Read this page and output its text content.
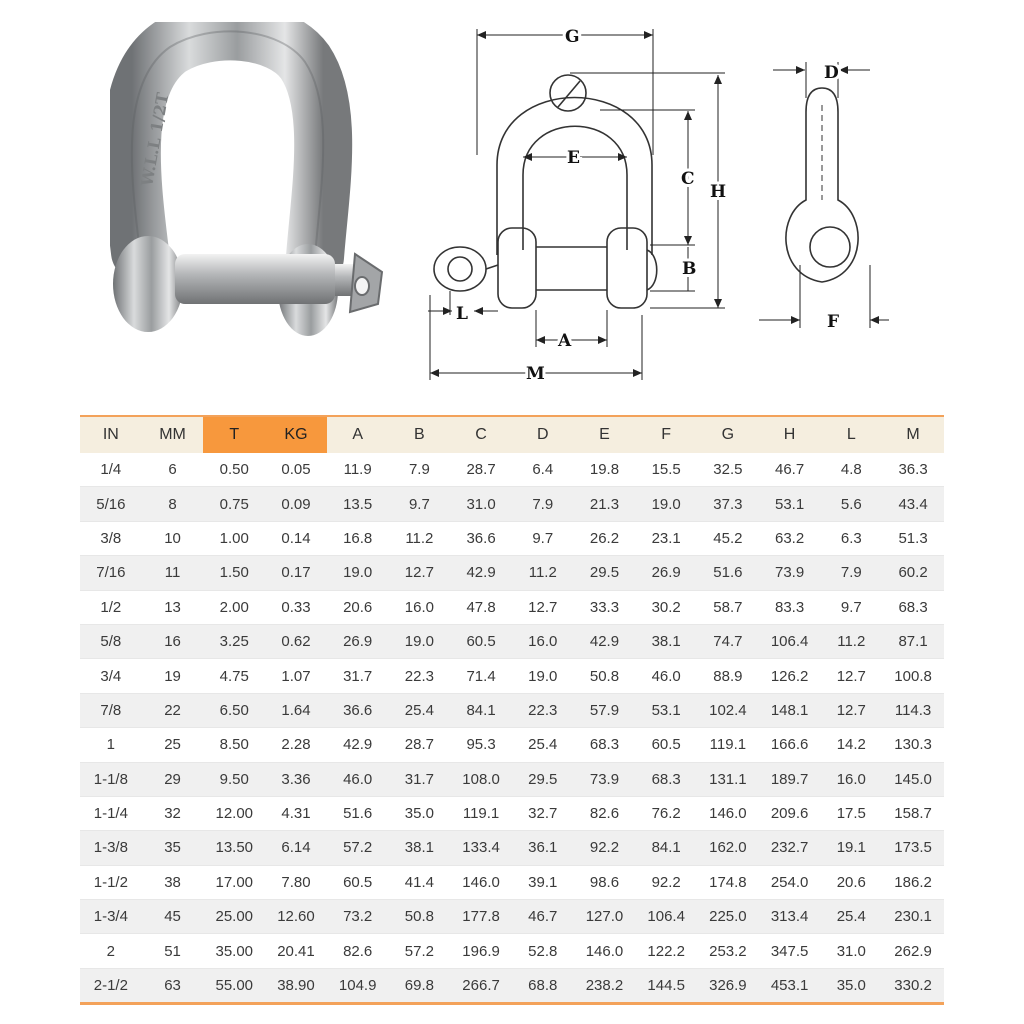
W.L.L 1/2T
G
E
C
H
B
L
A
M
D
F
IN	MM	T	KG	A	B	C	D	E	F	G	H	L	M
1/4	6	0.50	0.05	11.9	7.9	28.7	6.4	19.8	15.5	32.5	46.7	4.8	36.3
5/16	8	0.75	0.09	13.5	9.7	31.0	7.9	21.3	19.0	37.3	53.1	5.6	43.4
3/8	10	1.00	0.14	16.8	11.2	36.6	9.7	26.2	23.1	45.2	63.2	6.3	51.3
7/16	11	1.50	0.17	19.0	12.7	42.9	11.2	29.5	26.9	51.6	73.9	7.9	60.2
1/2	13	2.00	0.33	20.6	16.0	47.8	12.7	33.3	30.2	58.7	83.3	9.7	68.3
5/8	16	3.25	0.62	26.9	19.0	60.5	16.0	42.9	38.1	74.7	106.4	11.2	87.1
3/4	19	4.75	1.07	31.7	22.3	71.4	19.0	50.8	46.0	88.9	126.2	12.7	100.8
7/8	22	6.50	1.64	36.6	25.4	84.1	22.3	57.9	53.1	102.4	148.1	12.7	114.3
1	25	8.50	2.28	42.9	28.7	95.3	25.4	68.3	60.5	119.1	166.6	14.2	130.3
1-1/8	29	9.50	3.36	46.0	31.7	108.0	29.5	73.9	68.3	131.1	189.7	16.0	145.0
1-1/4	32	12.00	4.31	51.6	35.0	119.1	32.7	82.6	76.2	146.0	209.6	17.5	158.7
1-3/8	35	13.50	6.14	57.2	38.1	133.4	36.1	92.2	84.1	162.0	232.7	19.1	173.5
1-1/2	38	17.00	7.80	60.5	41.4	146.0	39.1	98.6	92.2	174.8	254.0	20.6	186.2
1-3/4	45	25.00	12.60	73.2	50.8	177.8	46.7	127.0	106.4	225.0	313.4	25.4	230.1
2	51	35.00	20.41	82.6	57.2	196.9	52.8	146.0	122.2	253.2	347.5	31.0	262.9
2-1/2	63	55.00	38.90	104.9	69.8	266.7	68.8	238.2	144.5	326.9	453.1	35.0	330.2
